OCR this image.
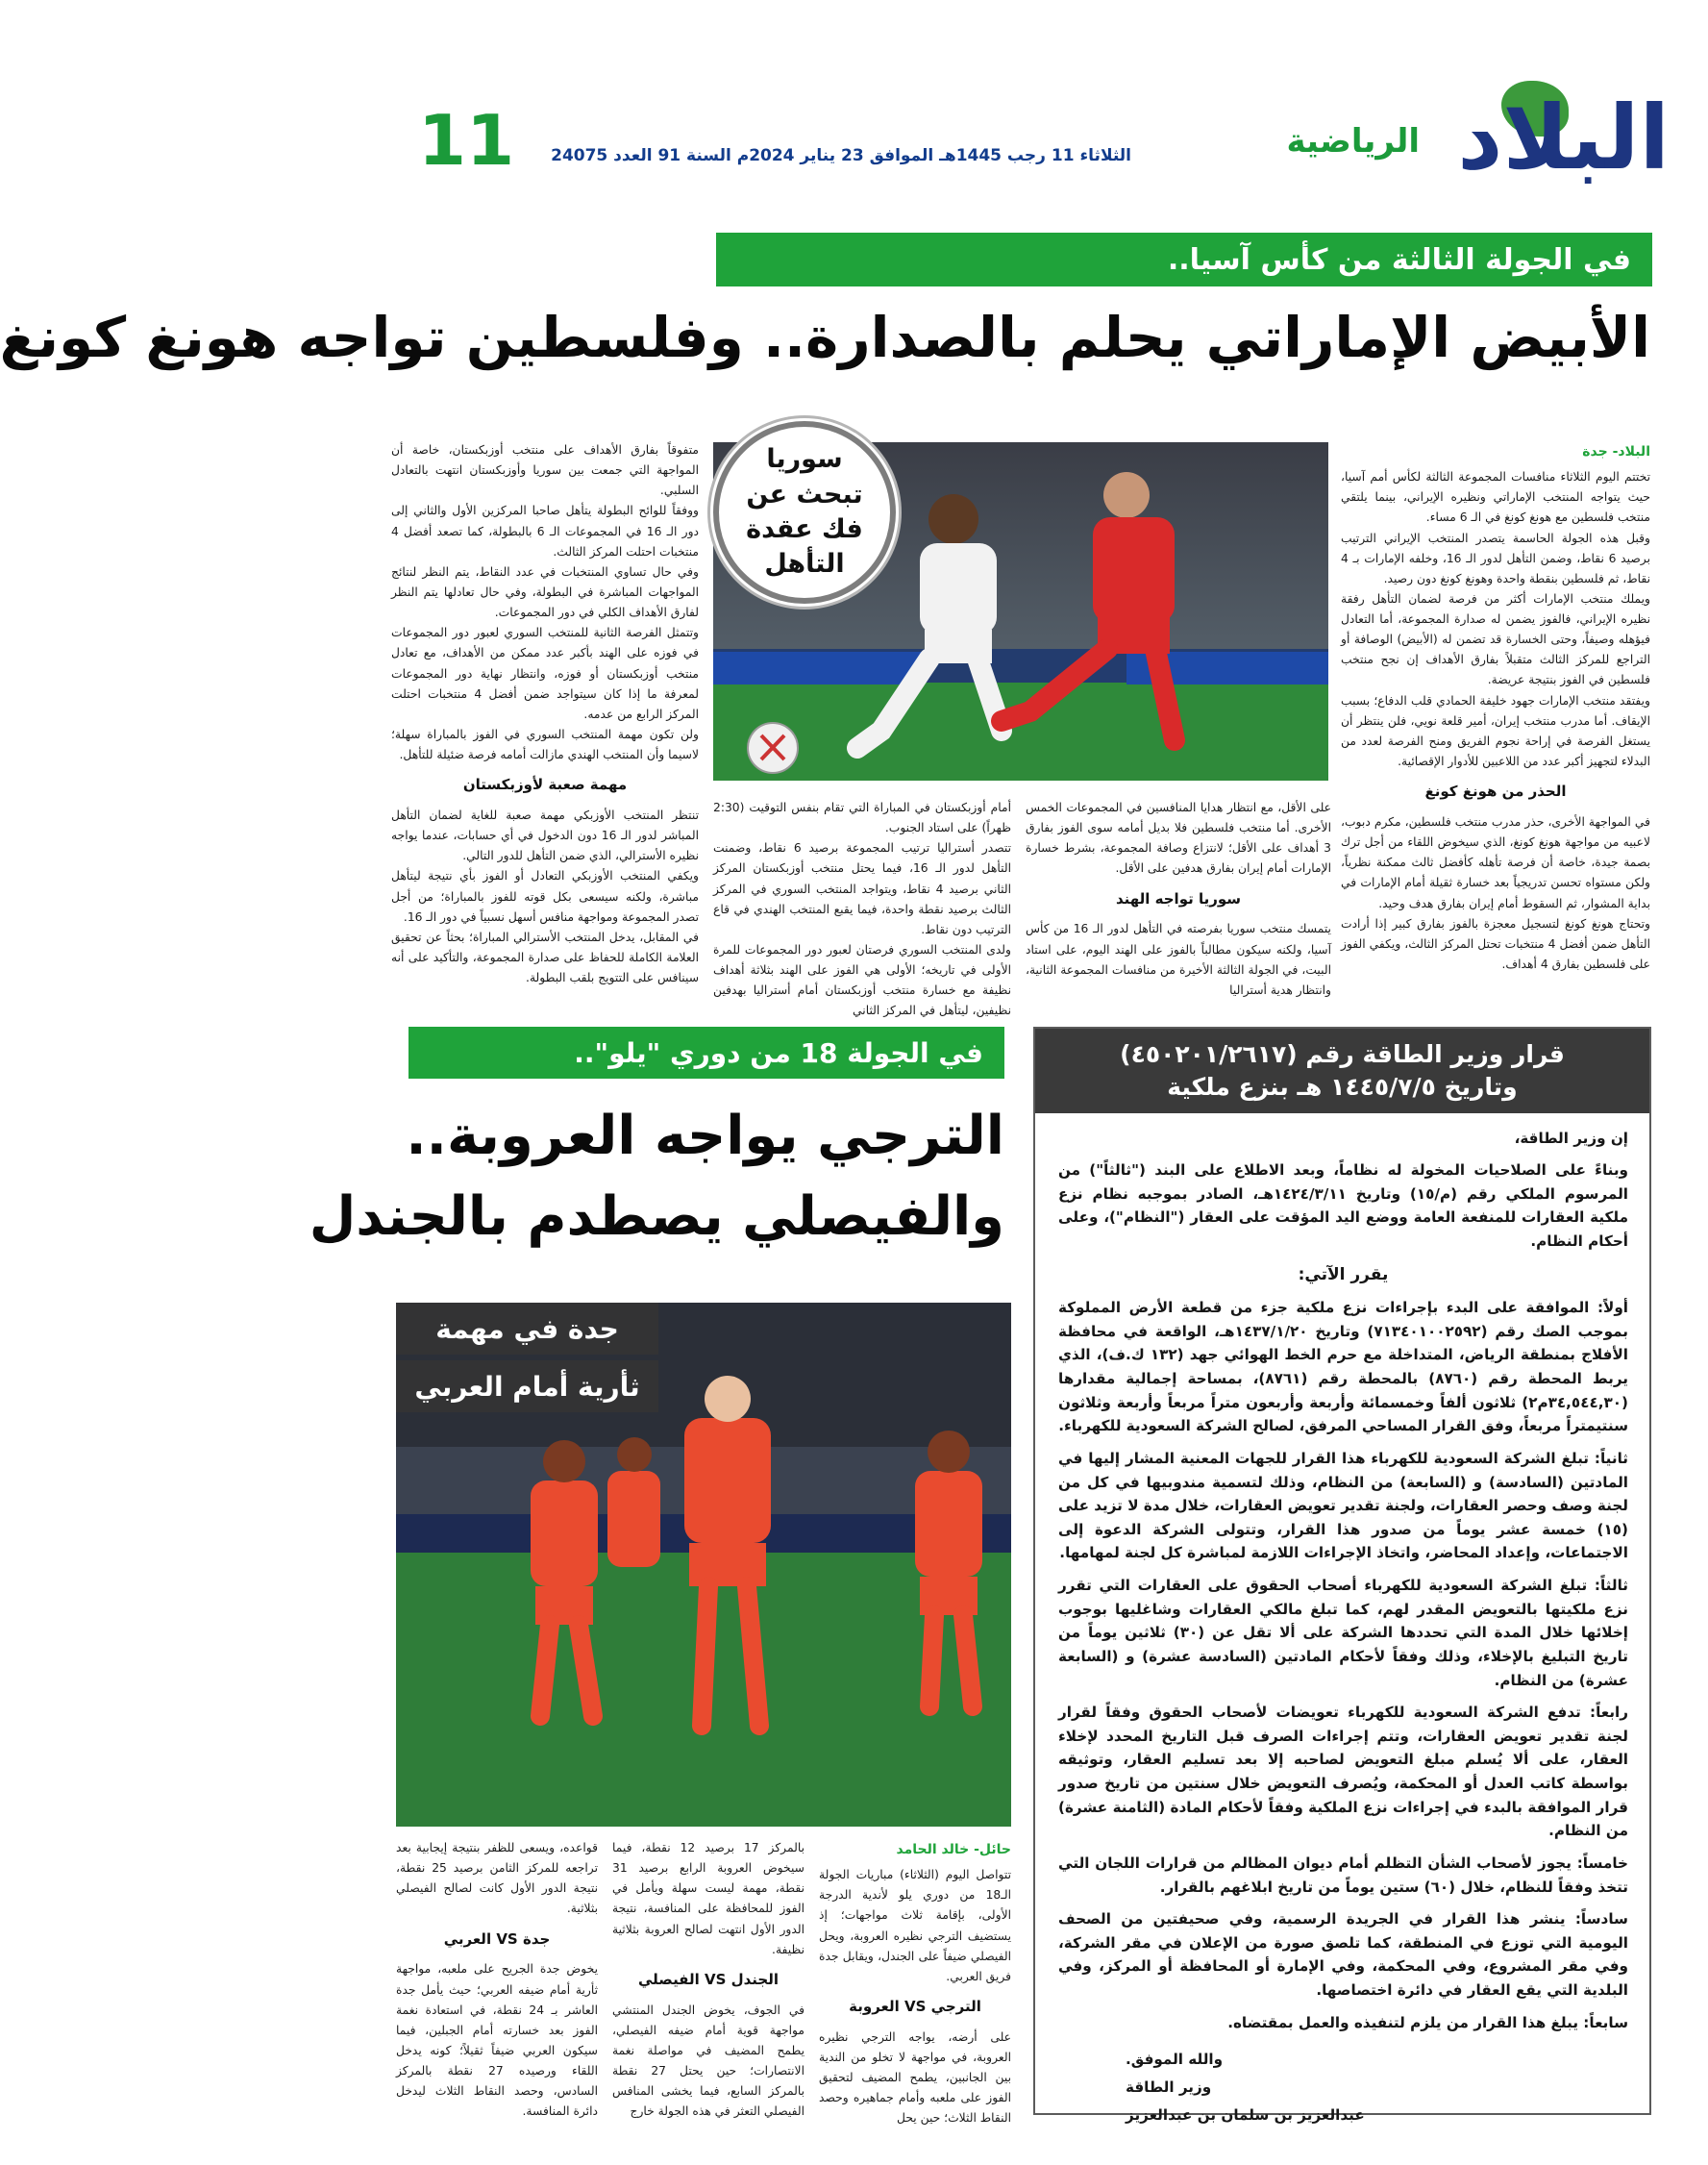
البلاد
الرياضية
الثلاثاء 11 رجب 1445هـ الموافق 23 يناير 2024م السنة 91 العدد 24075
11
في الجولة الثالثة من كأس آسيا..
الأبيض الإماراتي يحلم بالصدارة.. وفلسطين تواجه هونغ كونغ
البلاد- جدة

تختتم اليوم الثلاثاء منافسات المجموعة الثالثة لكأس أمم آسيا، حيث يتواجه المنتخب الإماراتي ونظيره الإيراني، بينما يلتقي منتخب فلسطين مع هونغ كونغ في الـ 6 مساء.

وقبل هذه الجولة الحاسمة يتصدر المنتخب الإيراني الترتيب برصيد 6 نقاط، وضمن التأهل لدور الـ 16، وخلفه الإمارات بـ 4 نقاط، ثم فلسطين بنقطة واحدة وهونغ كونغ دون رصيد.

ويملك منتخب الإمارات أكثر من فرصة لضمان التأهل رفقة نظيره الإيراني، فالفوز يضمن له صدارة المجموعة، أما التعادل فيؤهله وصيفاً، وحتى الخسارة قد تضمن له (الأبيض) الوصافة أو التراجع للمركز الثالث متقبلاً بفارق الأهداف إن نجح منتخب فلسطين في الفوز بنتيجة عريضة.

ويفتقد منتخب الإمارات جهود خليفة الحمادي قلب الدفاع؛ بسبب الإيقاف. أما مدرب منتخب إيران، أمير قلعة نويي، فلن ينتظر أن يستغل الفرصة في إراحة نجوم الفريق ومنح الفرصة لعدد من البدلاء لتجهيز أكبر عدد من اللاعبين للأدوار الإقصائية.

الحذر من هونغ كونغ

في المواجهة الأخرى، حذر مدرب منتخب فلسطين، مكرم دبوب، لاعبيه من مواجهة هونغ كونغ، الذي سيخوض اللقاء من أجل ترك بصمة جيدة، خاصة أن فرصة تأهله كأفضل ثالث ممكنة نظرياً، ولكن مستواه تحسن تدريجياً بعد خسارة ثقيلة أمام الإمارات في بداية المشوار، ثم السقوط أمام إيران بفارق هدف وحيد.

وتحتاج هونغ كونغ لتسجيل معجزة بالفوز بفارق كبير إذا أرادت التأهل ضمن أفضل 4 منتخبات تحتل المركز الثالث، ويكفي الفوز على فلسطين بفارق 4 أهداف.

سوريا تبحث عن فك عقدة التأهل

على الأقل، مع انتظار هدايا المنافسين في المجموعات الخمس الأخرى. أما منتخب فلسطين فلا بديل أمامه سوى الفوز بفارق 3 أهداف على الأقل؛ لانتزاع وصافة المجموعة، بشرط خسارة الإمارات أمام إيران بفارق هدفين على الأقل.

سوريا تواجه الهند

يتمسك منتخب سوريا بفرصته في التأهل لدور الـ 16 من كأس آسيا، ولكنه سيكون مطالباً بالفوز على الهند اليوم، على استاد البيت، في الجولة الثالثة الأخيرة من منافسات المجموعة الثانية، وانتظار هدية أستراليا

أمام أوزبكستان في المباراة التي تقام بنفس التوقيت (2:30 ظهراً) على استاد الجنوب.

تتصدر أستراليا ترتيب المجموعة برصيد 6 نقاط، وضمنت التأهل لدور الـ 16، فيما يحتل منتخب أوزبكستان المركز الثاني برصيد 4 نقاط، ويتواجد المنتخب السوري في المركز الثالث برصيد نقطة واحدة، فيما يقبع المنتخب الهندي في قاع الترتيب دون نقاط.

ولدى المنتخب السوري فرصتان لعبور دور المجموعات للمرة الأولى في تاريخه؛ الأولى هي الفوز على الهند بثلاثة أهداف نظيفة مع خسارة منتخب أوزبكستان أمام أستراليا بهدفين نظيفين، ليتأهل في المركز الثاني

متفوقاً بفارق الأهداف على منتخب أوزبكستان، خاصة أن المواجهة التي جمعت بين سوريا وأوزبكستان انتهت بالتعادل السلبي.

ووفقاً للوائح البطولة يتأهل صاحبا المركزين الأول والثاني إلى دور الـ 16 في المجموعات الـ 6 بالبطولة، كما تصعد أفضل 4 منتخبات احتلت المركز الثالث.

وفي حال تساوي المنتخبات في عدد النقاط، يتم النظر لنتائج المواجهات المباشرة في البطولة، وفي حال تعادلها يتم النظر لفارق الأهداف الكلي في دور المجموعات.

وتتمثل الفرصة الثانية للمنتخب السوري لعبور دور المجموعات في فوزه على الهند بأكبر عدد ممكن من الأهداف، مع تعادل منتخب أوزبكستان أو فوزه، وانتظار نهاية دور المجموعات لمعرفة ما إذا كان سيتواجد ضمن أفضل 4 منتخبات احتلت المركز الرابع من عدمه.

ولن تكون مهمة المنتخب السوري في الفوز بالمباراة سهلة؛ لاسيما وأن المنتخب الهندي مازالت أمامه فرصة ضئيلة للتأهل.

مهمة صعبة لأوزبكستان

تنتظر المنتخب الأوزبكي مهمة صعبة للغاية لضمان التأهل المباشر لدور الـ 16 دون الدخول في أي حسابات، عندما يواجه نظيره الأسترالي، الذي ضمن التأهل للدور التالي.

ويكفي المنتخب الأوزبكي التعادل أو الفوز بأي نتيجة ليتأهل مباشرة، ولكنه سيسعى بكل قوته للفوز بالمباراة؛ من أجل تصدر المجموعة ومواجهة منافس أسهل نسبياً في دور الـ 16.

في المقابل، يدخل المنتخب الأسترالي المباراة؛ بحثاً عن تحقيق العلامة الكاملة للحفاظ على صدارة المجموعة، والتأكيد على أنه سينافس على التتويج بلقب البطولة.

قرار وزير الطاقة رقم (٤٥٠٢٠١/٢٦١٧)
وتاريخ ١٤٤٥/٧/٥ هـ بنزع ملكية

إن وزير الطاقة،

وبناءً على الصلاحيات المخولة له نظاماً، وبعد الاطلاع على البند ("ثالثاً") من المرسوم الملكي رقم (م/١٥) وتاريخ ١٤٢٤/٣/١١هـ، الصادر بموجبه نظام نزع ملكية العقارات للمنفعة العامة ووضع اليد المؤقت على العقار ("النظام")، وعلى أحكام النظام.

يقرر الآتي:

أولاً: الموافقة على البدء بإجراءات نزع ملكية جزء من قطعة الأرض المملوكة بموجب الصك رقم (٧١٣٤٠١٠٠٢٥٩٢) وتاريخ ١٤٣٧/١/٢٠هـ، الواقعة في محافظة الأفلاج بمنطقة الرياض، المتداخلة مع حرم الخط الهوائي جهد (١٣٢ ك.ف)، الذي يربط المحطة رقم (٨٧٦٠) بالمحطة رقم (٨٧٦١)، بمساحة إجمالية مقدارها (٣٤,٥٤٤,٣٠م٢) ثلاثون ألفاً وخمسمائة وأربعة وأربعون متراً مربعاً وأربعة وثلاثون سنتيمتراً مربعاً، وفق القرار المساحي المرفق، لصالح الشركة السعودية للكهرباء.

ثانياً: تبلغ الشركة السعودية للكهرباء هذا القرار للجهات المعنية المشار إليها في المادتين (السادسة) و (السابعة) من النظام، وذلك لتسمية مندوبيها في كل من لجنة وصف وحصر العقارات، ولجنة تقدير تعويض العقارات، خلال مدة لا تزيد على (١٥) خمسة عشر يوماً من صدور هذا القرار، وتتولى الشركة الدعوة إلى الاجتماعات، وإعداد المحاضر، واتخاذ الإجراءات اللازمة لمباشرة كل لجنة لمهامها.

ثالثاً: تبلغ الشركة السعودية للكهرباء أصحاب الحقوق على العقارات التي تقرر نزع ملكيتها بالتعويض المقدر لهم، كما تبلغ مالكي العقارات وشاغليها بوجوب إخلائها خلال المدة التي تحددها الشركة على ألا تقل عن (٣٠) ثلاثين يوماً من تاريخ التبليغ بالإخلاء، وذلك وفقاً لأحكام المادتين (السادسة عشرة) و (السابعة عشرة) من النظام.

رابعاً: تدفع الشركة السعودية للكهرباء تعويضات لأصحاب الحقوق وفقاً لقرار لجنة تقدير تعويض العقارات، وتتم إجراءات الصرف قبل التاريخ المحدد لإخلاء العقار، على ألا يُسلم مبلغ التعويض لصاحبه إلا بعد تسليم العقار، وتوثيقه بواسطة كاتب العدل أو المحكمة، ويُصرف التعويض خلال سنتين من تاريخ صدور قرار الموافقة بالبدء في إجراءات نزع الملكية وفقاً لأحكام المادة (الثامنة عشرة) من النظام.

خامساً: يجوز لأصحاب الشأن التظلم أمام ديوان المظالم من قرارات اللجان التي تتخذ وفقاً للنظام، خلال (٦٠) ستين يوماً من تاريخ ابلاغهم بالقرار.

سادساً: ينشر هذا القرار في الجريدة الرسمية، وفي صحيفتين من الصحف اليومية التي توزع في المنطقة، كما تلصق صورة من الإعلان في مقر الشركة، وفي مقر المشروع، وفي المحكمة، وفي الإمارة أو المحافظة أو المركز، وفي البلدية التي يقع العقار في دائرة اختصاصها.

سابعاً: يبلغ هذا القرار من يلزم لتنفيذه والعمل بمقتضاه.

والله الموفق.
وزير الطاقة
عبدالعزيز بن سلمان بن عبدالعزيز
في الجولة 18 من دوري "يلو"..
الترجي يواجه العروبة..
والفيصلي يصطدم بالجندل
جدة في مهمة
ثأرية أمام العربي
حائل- خالد الحامد

تتواصل اليوم (الثلاثاء) مباريات الجولة الـ18 من دوري يلو لأندية الدرجة الأولى، بإقامة ثلاث مواجهات؛ إذ يستضيف الترجي نظيره العروبة، ويحل الفيصلي ضيفاً على الجندل، ويقابل جدة فريق العربي.

الترجي VS العروبة

على أرضه، يواجه الترجي نظيره العروبة، في مواجهة لا تخلو من الندية بين الجانبين، يطمح المضيف لتحقيق الفوز على ملعبه وأمام جماهيره وحصد النقاط الثلاث؛ حين يحل

بالمركز 17 برصيد 12 نقطة، فيما سيخوض العروبة الرابع برصيد 31 نقطة، مهمة ليست سهلة ويأمل في الفوز للمحافظة على المنافسة، نتيجة الدور الأول انتهت لصالح العروبة بثلاثية نظيفة.

الجندل VS الفيصلي

في الجوف، يخوض الجندل المنتشي مواجهة قوية أمام ضيفه الفيصلي، يطمح المضيف في مواصلة نغمة الانتصارات؛ حين يحتل 27 نقطة بالمركز السابع، فيما يخشى المنافس الفيصلي التعثر في هذه الجولة خارج

قواعده، ويسعى للظفر بنتيجة إيجابية بعد تراجعه للمركز الثامن برصيد 25 نقطة، نتيجة الدور الأول كانت لصالح الفيصلي بثلاثية.

جدة VS العربي

يخوض جدة الجريح على ملعبه، مواجهة ثأرية أمام ضيفه العربي؛ حيث يأمل جدة العاشر بـ 24 نقطة، في استعادة نغمة الفوز بعد خسارته أمام الجبلين، فيما سيكون العربي ضيفاً ثقيلاً؛ كونه يدخل اللقاء ورصيده 27 نقطة بالمركز السادس، وحصد النقاط الثلاث ليدخل دائرة المنافسة.
